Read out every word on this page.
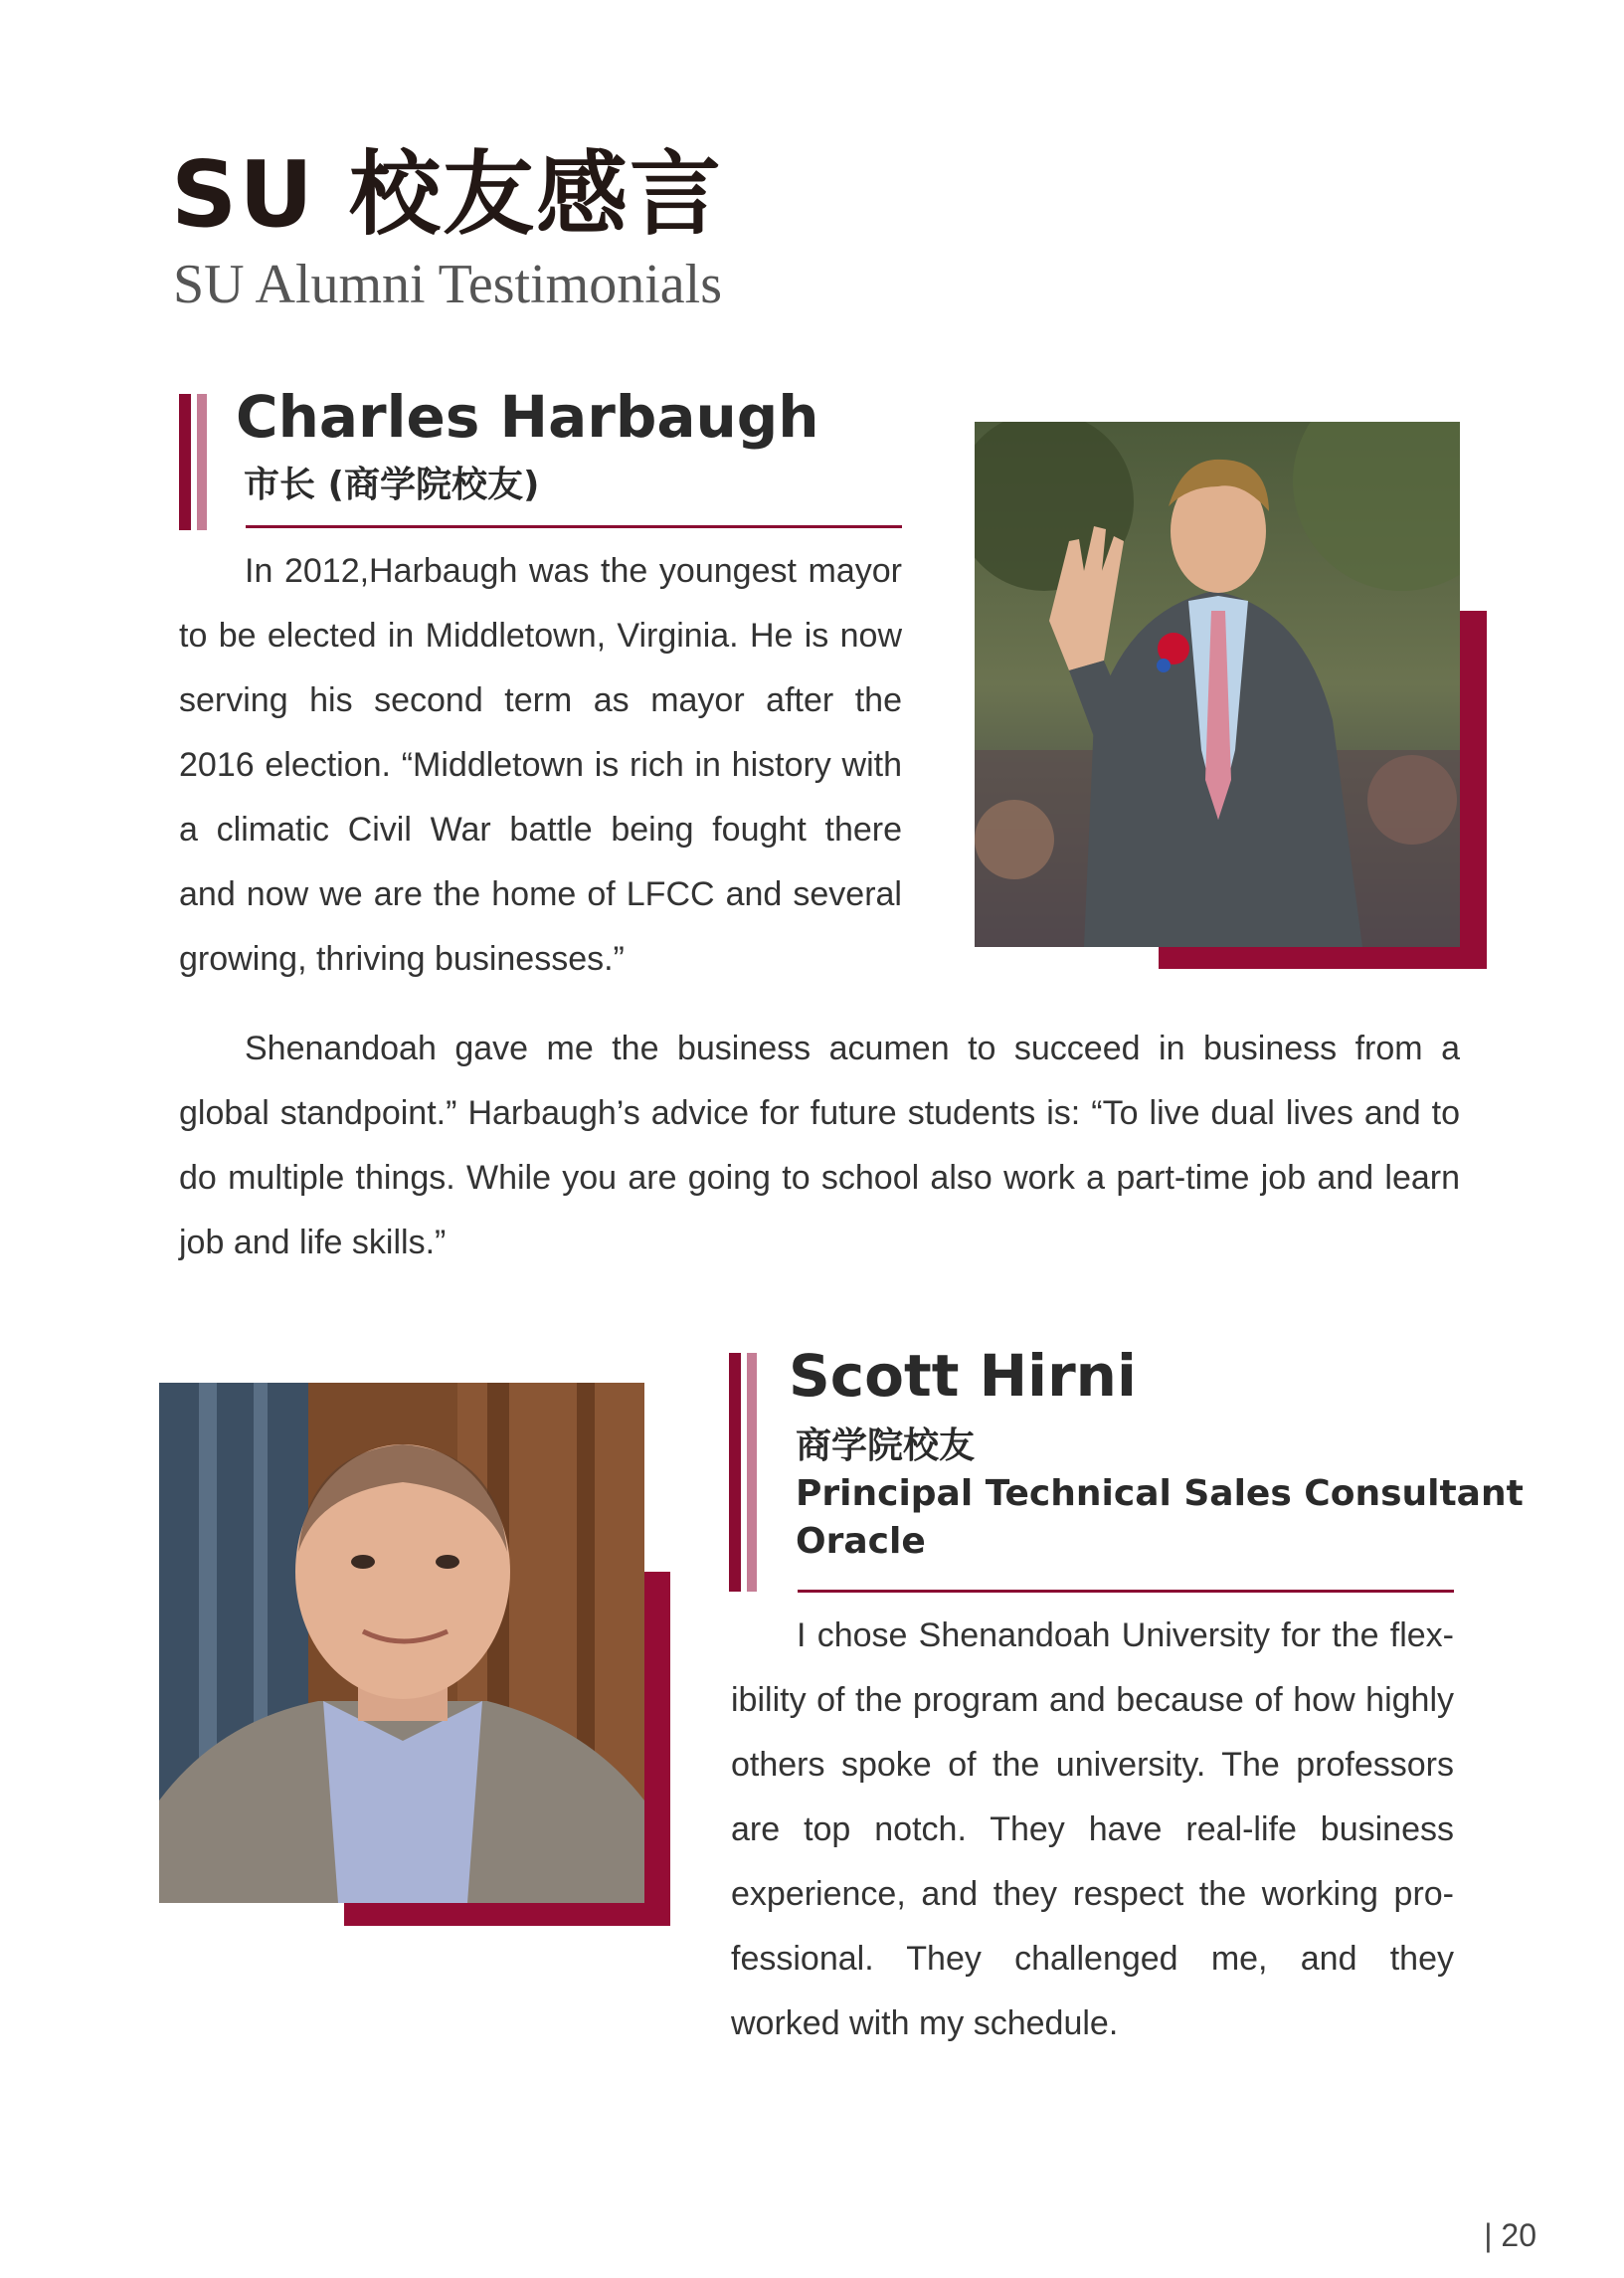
SU 校友感言
SU Alumni Testimonials
Charles Harbaugh
市长 (商学院校友)

In 2012,Harbaugh was the youngest mayor to be elected in Middletown, Virginia. He is now serving his second term as mayor after the 2016 election. “Middletown is rich in history with a climatic Civil War battle being fought there and now we are the home of LFCC and several growing, thriving businesses.”

Shenandoah gave me the business acumen to succeed in business from a global standpoint.” Harbaugh’s advice for future students is: “To live dual lives and to do multiple things. While you are going to school also work a part-time job and learn job and life skills.”

Scott Hirni
商学院校友
Principal Technical Sales Consultant
Oracle

I chose Shenandoah University for the flex-ibility of the program and because of how highly others spoke of the university. The professors are top notch. They have real-life business experience, and they respect the working pro-fessional. They challenged me, and they worked with my schedule.

| 20
